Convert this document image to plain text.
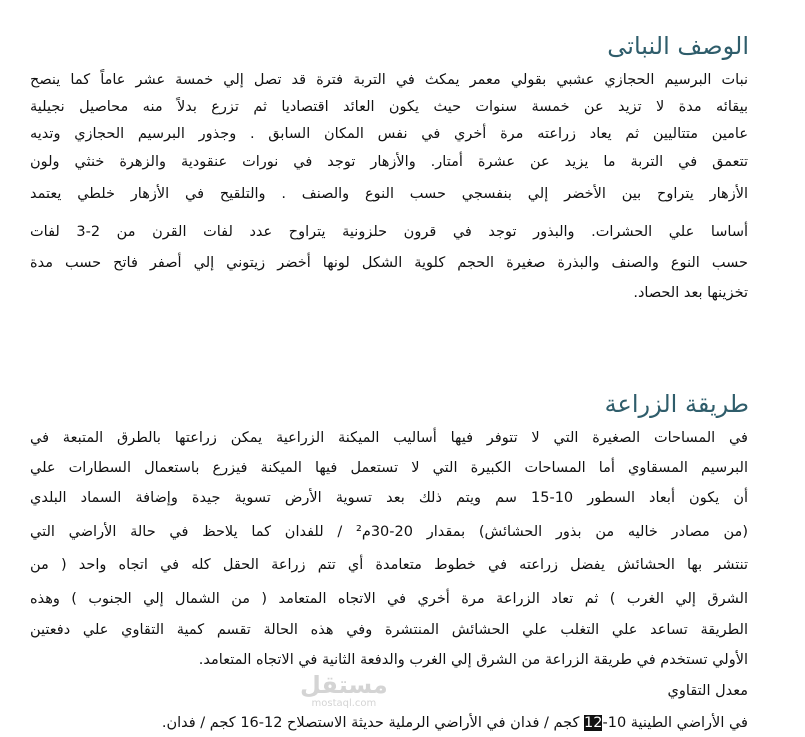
الوصف النباتى
نبات البرسيم الحجازي عشبي بقولي معمر يمكث في التربة فترة قد تصل إلي خمسة عشر عاماً كما ينصح
بيقائه مدة لا تزيد عن خمسة سنوات حيث يكون العائد اقتصاديا ثم تزرع بدلاً منه محاصيل نجيلية
عامين متتاليين ثم يعاد زراعته مرة أخري في نفس المكان السابق . وجذور البرسيم الحجازي وتديه
تتعمق في التربة ما يزيد عن عشرة أمتار. والأزهار توجد في نورات عنقودية والزهرة خنثي ولون
الأزهار يتراوح بين الأخضر إلي بنفسجي حسب النوع والصنف . والتلقيح في الأزهار خلطي يعتمد
أساسا علي الحشرات. والبذور توجد في قرون حلزونية يتراوح عدد لفات القرن من 2-3 لفات
حسب النوع والصنف والبذرة صغيرة الحجم كلوية الشكل لونها أخضر زيتوني إلي أصفر فاتح حسب مدة
تخزينها بعد الحصاد.
طريقة الزراعة
في المساحات الصغيرة التي لا تتوفر فيها أساليب الميكنة الزراعية يمكن زراعتها بالطرق المتبعة في
البرسيم المسقاوي أما المساحات الكبيرة التي لا تستعمل فيها الميكنة فيزرع باستعمال السطارات علي
أن يكون أبعاد السطور 10-15 سم ويتم ذلك بعد تسوية الأرض تسوية جيدة وإضافة السماد البلدي
(من مصادر خاليه من بذور الحشائش) بمقدار 20-30م² / للفدان كما يلاحظ في حالة الأراضي التي
تنتشر بها الحشائش يفضل زراعته في خطوط متعامدة أي تتم زراعة الحقل كله في اتجاه واحد ( من
الشرق إلي الغرب ) ثم تعاد الزراعة مرة أخري في الاتجاه المتعامد ( من الشمال إلي الجنوب ) وهذه
الطريقة تساعد علي التغلب علي الحشائش المنتشرة وفي هذه الحالة تقسم كمية التقاوي علي دفعتين
الأولي تستخدم في طريقة الزراعة من الشرق إلي الغرب والدفعة الثانية في الاتجاه المتعامد.
معدل التقاوي
في الأراضي الطينية 10-12 كجم / فدان في الأراضي الرملية حديثة الاستصلاح 12-16 كجم / فدان.
مستقل
mostaql.com
